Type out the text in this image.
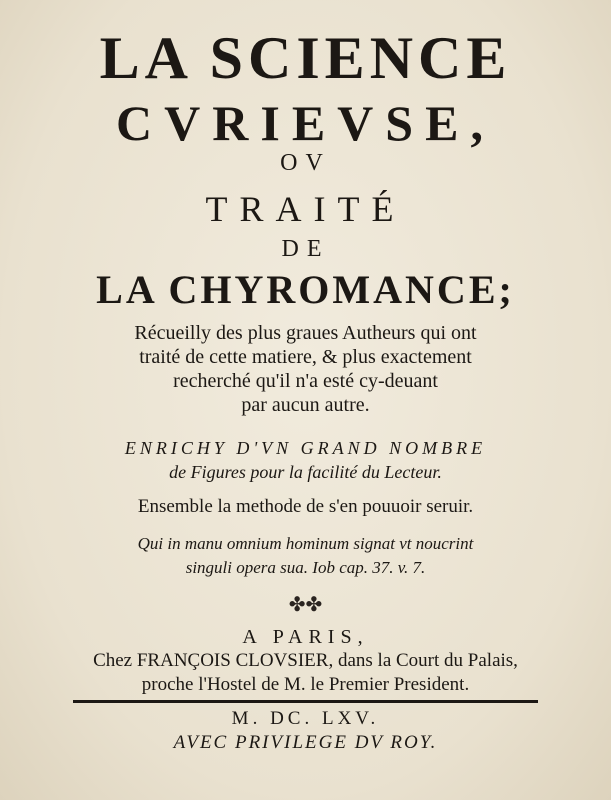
LA SCIENCE
CVRIEVSE,
OV
TRAITÉ
DE
LA CHYROMANCE;
Récueilly des plus graues Autheurs qui ont
traité de cette matiere, & plus exactement
recherché qu'il n'a esté cy-deuant
par aucun autre.
ENRICHY D'VN GRAND NOMBRE
de Figures pour la facilité du Lecteur.
Ensemble la methode de s'en pouuoir seruir.
Qui in manu omnium hominum signat vt noucrint
singuli opera sua. Iob cap. 37. v. 7.
✤✤
A PARIS,
Chez FRANÇOIS CLOVSIER, dans la Court du Palais,
proche l'Hostel de M. le Premier President.
M. DC. LXV.
AVEC PRIVILEGE DV ROY.
